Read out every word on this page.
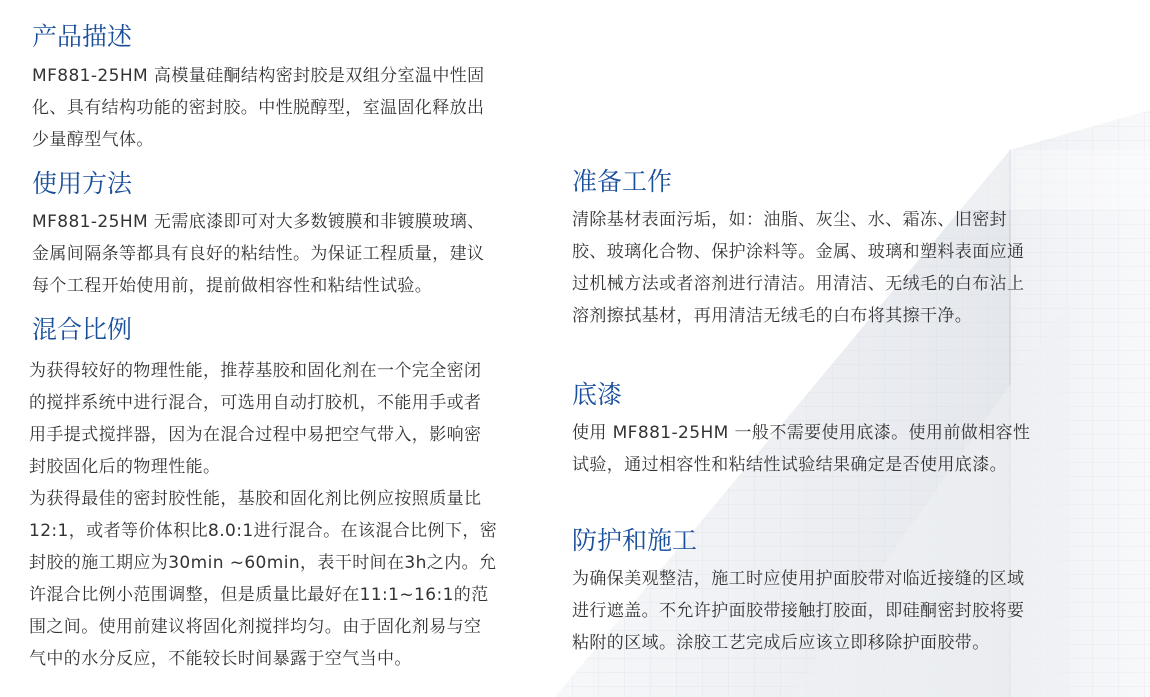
产品描述

MF881-25HM 高模量硅酮结构密封胶是双组分室温中性固
化、具有结构功能的密封胶。中性脱醇型，室温固化释放出
少量醇型气体。

使用方法

MF881-25HM 无需底漆即可对大多数镀膜和非镀膜玻璃、
金属间隔条等都具有良好的粘结性。为保证工程质量，建议
每个工程开始使用前，提前做相容性和粘结性试验。

混合比例

为获得较好的物理性能，推荐基胶和固化剂在一个完全密闭
的搅拌系统中进行混合，可选用自动打胶机，不能用手或者
用手提式搅拌器，因为在混合过程中易把空气带入，影响密
封胶固化后的物理性能。
为获得最佳的密封胶性能，基胶和固化剂比例应按照质量比
12:1，或者等价体积比8.0:1进行混合。在该混合比例下，密
封胶的施工期应为30min ~60min，表干时间在3h之内。允
许混合比例小范围调整，但是质量比最好在11:1~16:1的范
围之间。使用前建议将固化剂搅拌均匀。由于固化剂易与空
气中的水分反应，不能较长时间暴露于空气当中。

准备工作

清除基材表面污垢，如：油脂、灰尘、水、霜冻、旧密封
胶、玻璃化合物、保护涂料等。金属、玻璃和塑料表面应通
过机械方法或者溶剂进行清洁。用清洁、无绒毛的白布沾上
溶剂擦拭基材，再用清洁无绒毛的白布将其擦干净。

底漆

使用 MF881-25HM 一般不需要使用底漆。使用前做相容性
试验，通过相容性和粘结性试验结果确定是否使用底漆。

防护和施工

为确保美观整洁，施工时应使用护面胶带对临近接缝的区域
进行遮盖。不允许护面胶带接触打胶面，即硅酮密封胶将要
粘附的区域。涂胶工艺完成后应该立即移除护面胶带。
